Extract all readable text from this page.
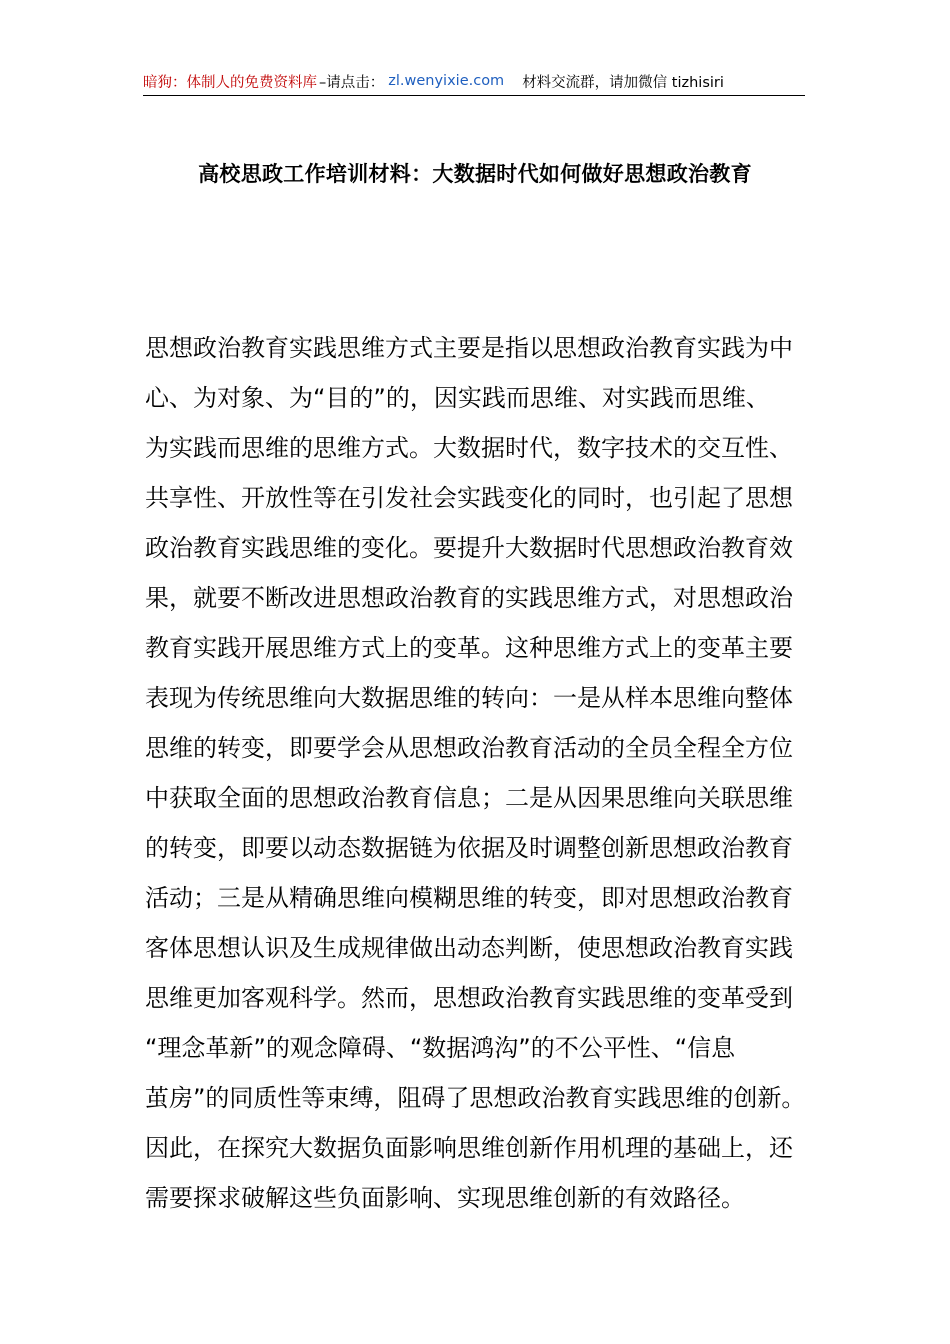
暗狗：体制人的免费资料库 –请点击： zl.wenyixie.com 材料交流群，请加微信 tizhisiri
高校思政工作培训材料：大数据时代如何做好思想政治教育
思想政治教育实践思维方式主要是指以思想政治教育实践为中
心、为对象、为“目的”的，因实践而思维、对实践而思维、
为实践而思维的思维方式。大数据时代，数字技术的交互性、
共享性、开放性等在引发社会实践变化的同时，也引起了思想
政治教育实践思维的变化。要提升大数据时代思想政治教育效
果，就要不断改进思想政治教育的实践思维方式，对思想政治
教育实践开展思维方式上的变革。这种思维方式上的变革主要
表现为传统思维向大数据思维的转向：一是从样本思维向整体
思维的转变，即要学会从思想政治教育活动的全员全程全方位
中获取全面的思想政治教育信息；二是从因果思维向关联思维
的转变，即要以动态数据链为依据及时调整创新思想政治教育
活动；三是从精确思维向模糊思维的转变，即对思想政治教育
客体思想认识及生成规律做出动态判断，使思想政治教育实践
思维更加客观科学。然而，思想政治教育实践思维的变革受到
“理念革新”的观念障碍、“数据鸿沟”的不公平性、“信息
茧房”的同质性等束缚，阻碍了思想政治教育实践思维的创新。
因此，在探究大数据负面影响思维创新作用机理的基础上，还
需要探求破解这些负面影响、实现思维创新的有效路径。
